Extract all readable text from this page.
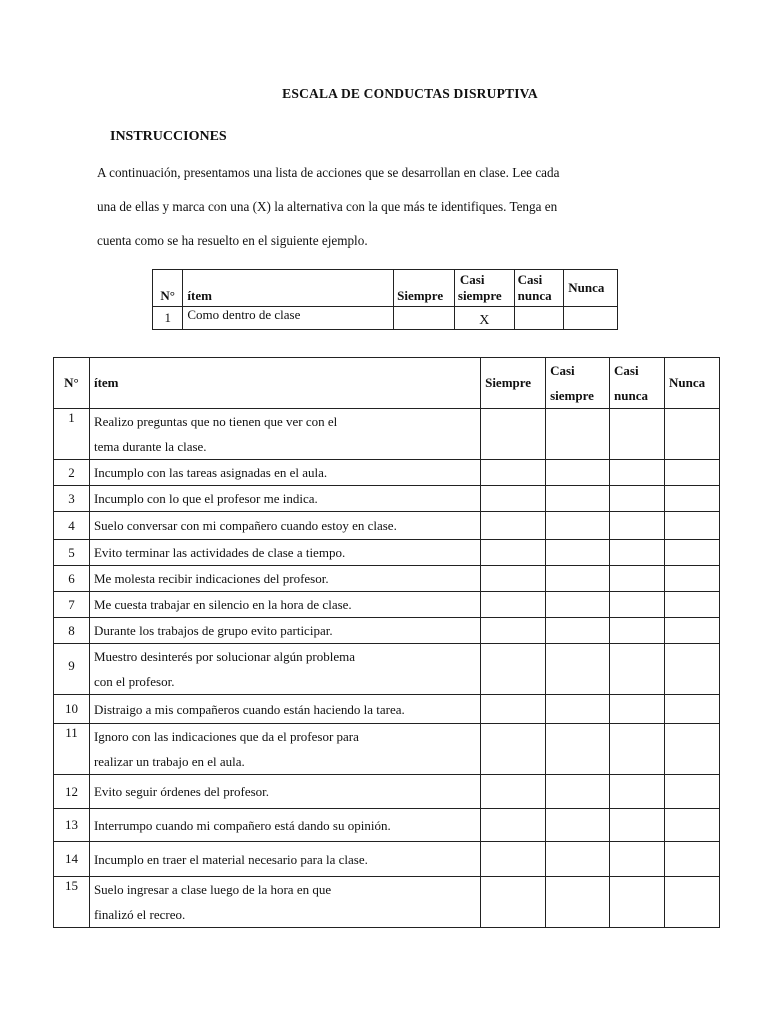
ESCALA DE CONDUCTAS DISRUPTIVA
INSTRUCCIONES
A continuación, presentamos una lista de acciones que se desarrollan en clase. Lee cada
una de ellas y marca con una (X) la alternativa con la que más te identifiques. Tenga en
cuenta como se ha resuelto en el siguiente ejemplo.
N°	ítem	Siempre	Casi
siempre	Casi
nunca	Nunca
1	Como dentro de clase		X		
N°	ítem	Siempre	Casi
siempre	Casi
nunca	Nunca
1	Realizo preguntas que no tienen que ver con el
tema durante la clase.				

2	Incumplo con las tareas asignadas en el aula.				

3	Incumplo con lo que el profesor me indica.				

4	Suelo conversar con mi compañero cuando estoy en clase.				

5	Evito terminar las actividades de clase a tiempo.				

6	Me molesta recibir indicaciones del profesor.				

7	Me cuesta trabajar en silencio en la hora de clase.				

8	Durante los trabajos de grupo evito participar.				

9	Muestro desinterés por solucionar algún problema
con el profesor.				

10	Distraigo a mis compañeros cuando están haciendo la tarea.				

11	Ignoro con las indicaciones que da el profesor para
realizar un trabajo en el aula.				

12	Evito seguir órdenes del profesor.				

13	Interrumpo cuando mi compañero está dando su opinión.				

14	Incumplo en traer el material necesario para la clase.				

15	Suelo ingresar a clase luego de la hora en que
finalizó el recreo.				
